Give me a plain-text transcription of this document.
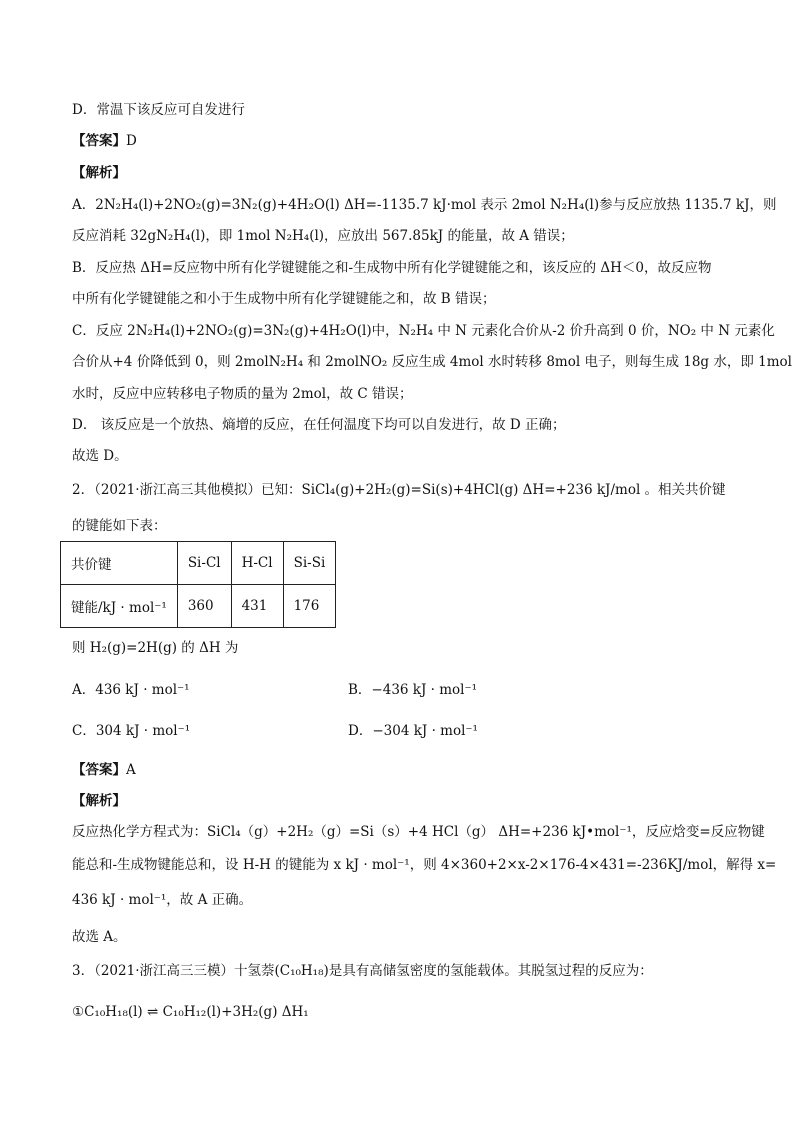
D．常温下该反应可自发进行
【答案】D
【解析】
A．2N₂H₄(l)+2NO₂(g)=3N₂(g)+4H₂O(l) ΔH=-1135.7 kJ·mol 表示 2mol N₂H₄(l)参与反应放热 1135.7 kJ，则
反应消耗 32gN₂H₄(l)，即 1mol N₂H₄(l)，应放出 567.85kJ 的能量，故 A 错误；
B．反应热 ΔH=反应物中所有化学键键能之和-生成物中所有化学键键能之和，该反应的 ΔH＜0，故反应物
中所有化学键键能之和小于生成物中所有化学键键能之和，故 B 错误；
C．反应 2N₂H₄(l)+2NO₂(g)=3N₂(g)+4H₂O(l)中，N₂H₄ 中 N 元素化合价从-2 价升高到 0 价，NO₂ 中 N 元素化
合价从+4 价降低到 0，则 2molN₂H₄ 和 2molNO₂ 反应生成 4mol 水时转移 8mol 电子，则每生成 18g 水，即 1mol
水时，反应中应转移电子物质的量为 2mol，故 C 错误；
D． 该反应是一个放热、熵增的反应，在任何温度下均可以自发进行，故 D 正确；
故选 D。
2．（2021·浙江高三其他模拟）已知：SiCl₄(g)+2H₂(g)=Si(s)+4HCl(g) ΔH=+236 kJ/mol 。相关共价键
的键能如下表：
共价键	Si-Cl	H-Cl	Si-Si
键能/kJ · mol⁻¹	360	431	176
则 H₂(g)=2H(g) 的 ΔH 为
A．436 kJ · mol⁻¹	B．−436 kJ · mol⁻¹
C．304 kJ · mol⁻¹	D．−304 kJ · mol⁻¹
【答案】A
【解析】
反应热化学方程式为：SiCl₄（g）+2H₂（g）=Si（s）+4 HCl（g） ΔH=+236 kJ•mol⁻¹，反应焓变=反应物键
能总和-生成物键能总和，设 H-H 的键能为 x kJ · mol⁻¹，则 4×360+2×x-2×176-4×431=-236KJ/mol，解得 x=
436 kJ · mol⁻¹，故 A 正确。
故选 A。
3．（2021·浙江高三三模）十氢萘(C₁₀H₁₈)是具有高储氢密度的氢能载体。其脱氢过程的反应为：
①C₁₀H₁₈(l) ⇌ C₁₀H₁₂(l)+3H₂(g) ΔH₁
